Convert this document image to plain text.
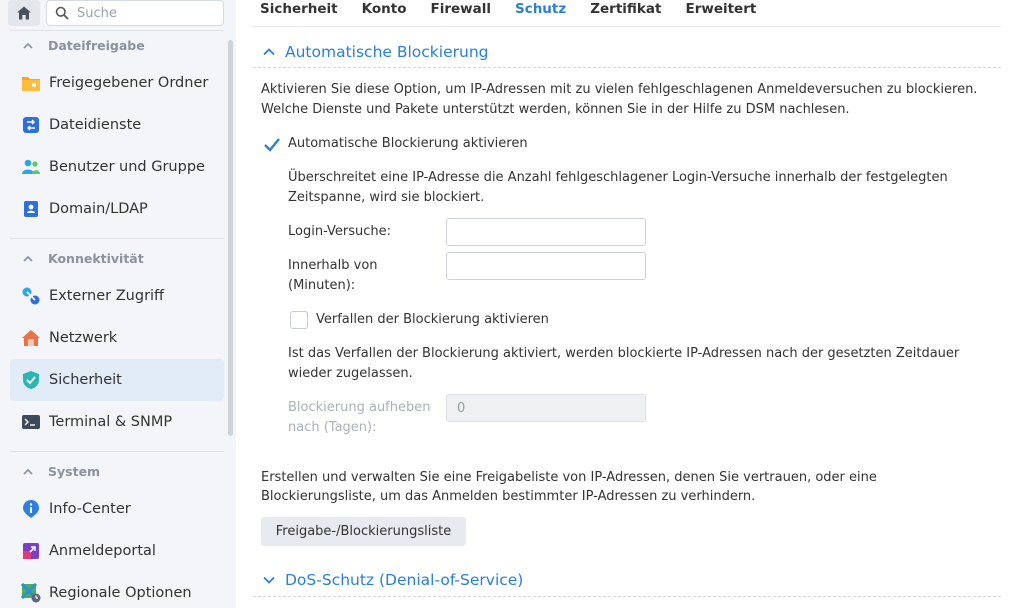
Suche
Dateifreigabe
Freigegebener Ordner
Dateidienste
Benutzer und Gruppe
Domain/LDAP
Konnektivität
Externer Zugriff
Netzwerk
Sicherheit
Terminal & SNMP
System
Info-Center
Anmeldeportal
Regionale Optionen
Sicherheit Konto Firewall Schutz Zertifikat Erweitert
Automatische Blockierung
Aktivieren Sie diese Option, um IP-Adressen mit zu vielen fehlgeschlagenen Anmeldeversuchen zu blockieren.
Welche Dienste und Pakete unterstützt werden, können Sie in der Hilfe zu DSM nachlesen.
Automatische Blockierung aktivieren
Überschreitet eine IP-Adresse die Anzahl fehlgeschlagener Login-Versuche innerhalb der festgelegten
Zeitspanne, wird sie blockiert.
Login-Versuche:
Innerhalb von
(Minuten):
Verfallen der Blockierung aktivieren
Ist das Verfallen der Blockierung aktiviert, werden blockierte IP-Adressen nach der gesetzten Zeitdauer
wieder zugelassen.
Blockierung aufheben
nach (Tagen):
0
Erstellen und verwalten Sie eine Freigabeliste von IP-Adressen, denen Sie vertrauen, oder eine
Blockierungsliste, um das Anmelden bestimmter IP-Adressen zu verhindern.
Freigabe-/Blockierungsliste
DoS-Schutz (Denial-of-Service)
